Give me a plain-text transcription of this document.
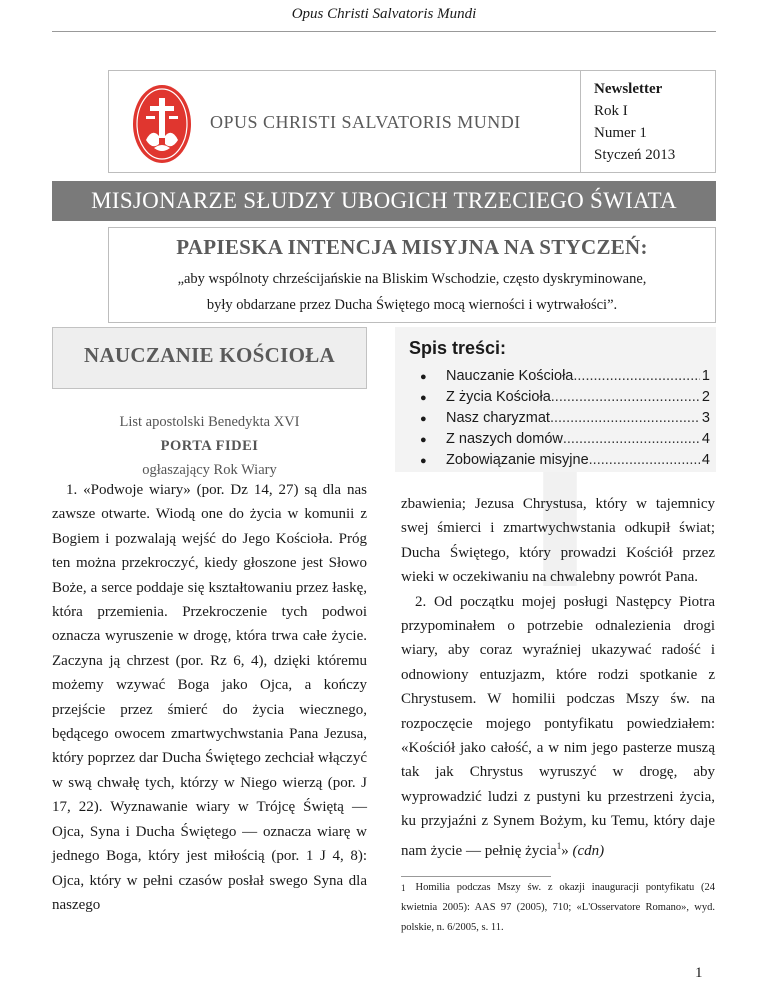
Opus Christi Salvatoris Mundi
OPUS CHRISTI SALVATORIS MUNDI
Newsletter
Rok I
Numer 1
Styczeń 2013
MISJONARZE SŁUDZY UBOGICH TRZECIEGO ŚWIATA
PAPIESKA INTENCJA MISYJNA NA STYCZEŃ:
„aby wspólnoty chrześcijańskie na Bliskim Wschodzie, często dyskryminowane,
były obdarzane przez Ducha Świętego mocą wierności i wytrwałości”.
NAUCZANIE KOŚCIOŁA	Spis treści:
●	Nauczanie Kościoła .....	1
●	Z życia Kościoła .....	2
●	Nasz charyzmat .....	3
●	Z naszych domów .....	4
●	Zobowiązanie misyjne .....	4
List apostolski Benedykta XVI
PORTA FIDEI
ogłaszający Rok Wiary

1. «Podwoje wiary» (por. Dz 14, 27) są dla nas zawsze otwarte. Wiodą one do życia w komunii z Bogiem i pozwalają wejść do Jego Kościoła. Próg ten można przekroczyć, kiedy głoszone jest Słowo Boże, a serce poddaje się kształtowaniu przez łaskę, która przemienia. Przekroczenie tych podwoi oznacza wyruszenie w drogę, która trwa całe życie. Zaczyna ją chrzest (por. Rz 6, 4), dzięki któremu możemy wzywać Boga jako Ojca, a kończy przejście przez śmierć do życia wiecznego, będącego owocem zmartwychwstania Pana Jezusa, który poprzez dar Ducha Świętego zechciał włączyć w swą chwałę tych, którzy w Niego wierzą (por. J 17, 22). Wyznawanie wiary w Trójcę Świętą — Ojca, Syna i Ducha Świętego — oznacza wiarę w jednego Boga, który jest miłością (por. 1 J 4, 8): Ojca, który w pełni czasów posłał swego Syna dla naszego

zbawienia; Jezusa Chrystusa, który w tajemnicy swej śmierci i zmartwychwstania odkupił świat; Ducha Świętego, który prowadzi Kościół przez wieki w oczekiwaniu na chwalebny powrót Pana.

2. Od początku mojej posługi Następcy Piotra przypominałem o potrzebie odnalezienia drogi wiary, aby coraz wyraźniej ukazywać radość i odnowiony entuzjazm, które rodzi spotkanie z Chrystusem. W homilii podczas Mszy św. na rozpoczęcie mojego pontyfikatu powiedziałem: «Kościół jako całość, a w nim jego pasterze muszą tak jak Chrystus wyruszyć w drogę, aby wyprowadzić ludzi z pustyni ku przestrzeni życia, ku przyjaźni z Synem Bożym, ku Temu, który daje nam życie — pełnię życia$^1$» (cdn)

1 Homilia podczas Mszy św. z okazji inauguracji pontyfikatu (24 kwietnia 2005): AAS 97 (2005), 710; «L'Osservatore Romano», wyd. polskie, n. 6/2005, s. 11.
1
